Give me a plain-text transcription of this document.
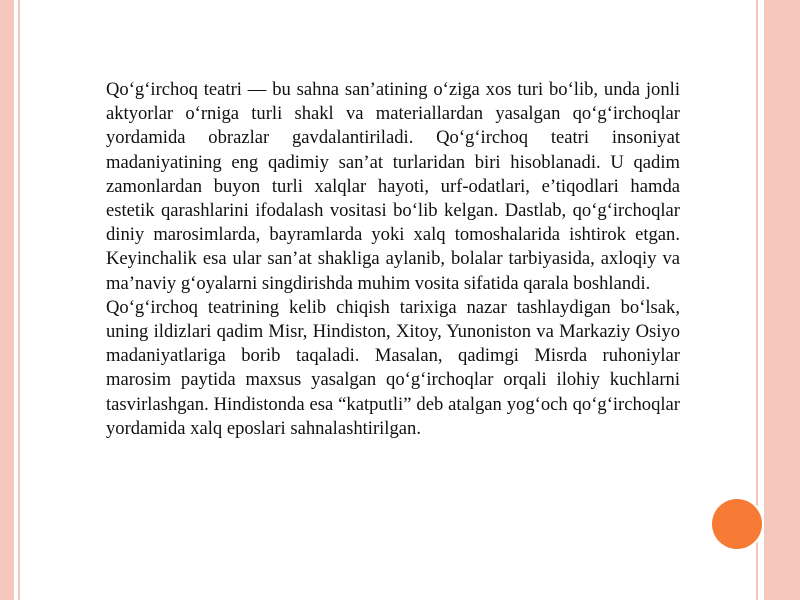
Qo‘g‘irchoq teatri — bu sahna san’atining o‘ziga xos turi bo‘lib, unda jonli aktyorlar o‘rniga turli shakl va materiallardan yasalgan qo‘g‘irchoqlar yordamida obrazlar gavdalantiriladi. Qo‘g‘irchoq teatri insoniyat madaniyatining eng qadimiy san’at turlaridan biri hisoblanadi. U qadim zamonlardan buyon turli xalqlar hayoti, urf-odatlari, e’tiqodlari hamda estetik qarashlarini ifodalash vositasi bo‘lib kelgan. Dastlab, qo‘g‘irchoqlar diniy marosimlarda, bayramlarda yoki xalq tomoshalarida ishtirok etgan. Keyinchalik esa ular san’at shakliga aylanib, bolalar tarbiyasida, axloqiy va ma’naviy g‘oyalarni singdirishda muhim vosita sifatida qarala boshlandi.

Qo‘g‘irchoq teatrining kelib chiqish tarixiga nazar tashlaydigan bo‘lsak, uning ildizlari qadim Misr, Hindiston, Xitoy, Yunoniston va Markaziy Osiyo madaniyatlariga borib taqaladi. Masalan, qadimgi Misrda ruhoniylar marosim paytida maxsus yasalgan qo‘g‘irchoqlar orqali ilohiy kuchlarni tasvirlashgan. Hindistonda esa “katputli” deb atalgan yog‘och qo‘g‘irchoqlar yordamida xalq eposlari sahnalashtirilgan.
